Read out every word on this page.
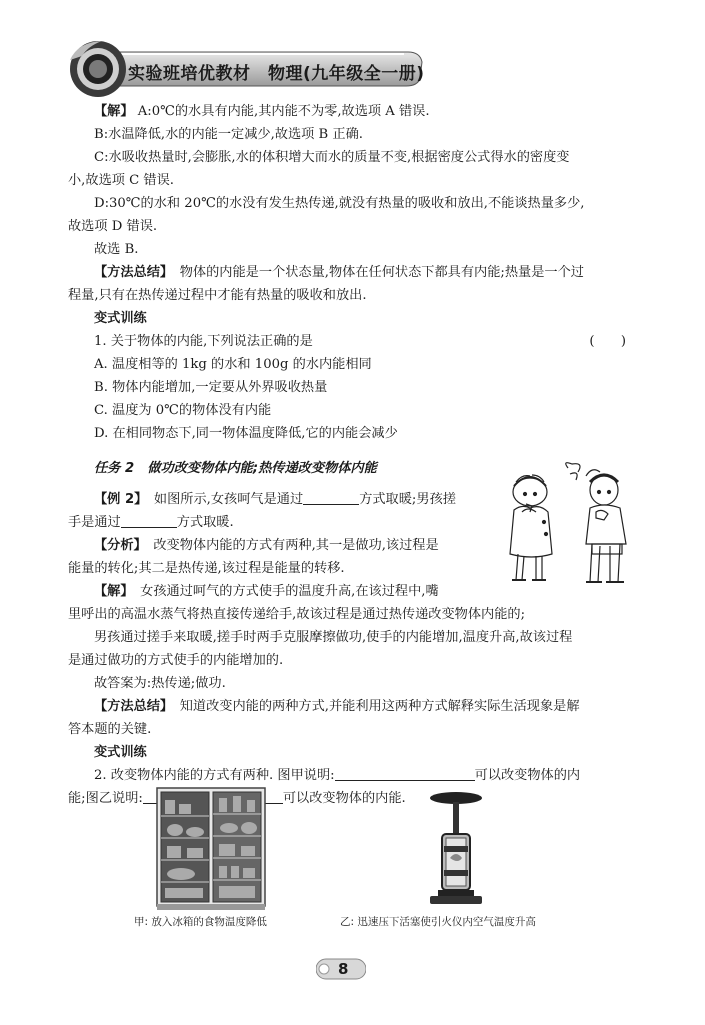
实验班培优教材　物理(九年级全一册)

【解】 A:0℃的水具有内能,其内能不为零,故选项 A 错误.

B:水温降低,水的内能一定减少,故选项 B 正确.

C:水吸收热量时,会膨胀,水的体积增大而水的质量不变,根据密度公式得水的密度变

小,故选项 C 错误.

D:30℃的水和 20℃的水没有发生热传递,就没有热量的吸收和放出,不能谈热量多少,

故选项 D 错误.

故选 B.

【方法总结】　 物体的内能是一个状态量,物体在任何状态下都具有内能;热量是一个过

程量,只有在热传递过程中才能有热量的吸收和放出.

变式训练

1. 关于物体的内能,下列说法正确的是	(　　)

A. 温度相等的 1kg 的水和 100g 的水内能相同

B. 物体内能增加,一定要从外界吸收热量

C. 温度为 0℃的物体没有内能

D. 在相同物态下,同一物体温度降低,它的内能会减少

任务 2　做功改变物体内能;热传递改变物体内能

【例 2】　 如图所示,女孩呵气是通过	方式取暖;男孩搓

手是通过	方式取暖.

【分析】　 改变物体内能的方式有两种,其一是做功,该过程是

能量的转化;其二是热传递,该过程是能量的转移.

【解】　 女孩通过呵气的方式使手的温度升高,在该过程中,嘴

里呼出的高温水蒸气将热直接传递给手,故该过程是通过热传递改变物体内能的;

男孩通过搓手来取暖,搓手时两手克服摩擦做功,使手的内能增加,温度升高,故该过程

是通过做功的方式使手的内能增加的.

故答案为:热传递;做功.

【方法总结】　 知道改变内能的两种方式,并能利用这两种方式解释实际生活现象是解

答本题的关键.

变式训练

2. 改变物体内能的方式有两种. 图甲说明:	可以改变物体的内

能;图乙说明:	可以改变物体的内能.

甲: 放入冰箱的食物温度降低	乙: 迅速压下活塞使引火仪内空气温度升高
8
